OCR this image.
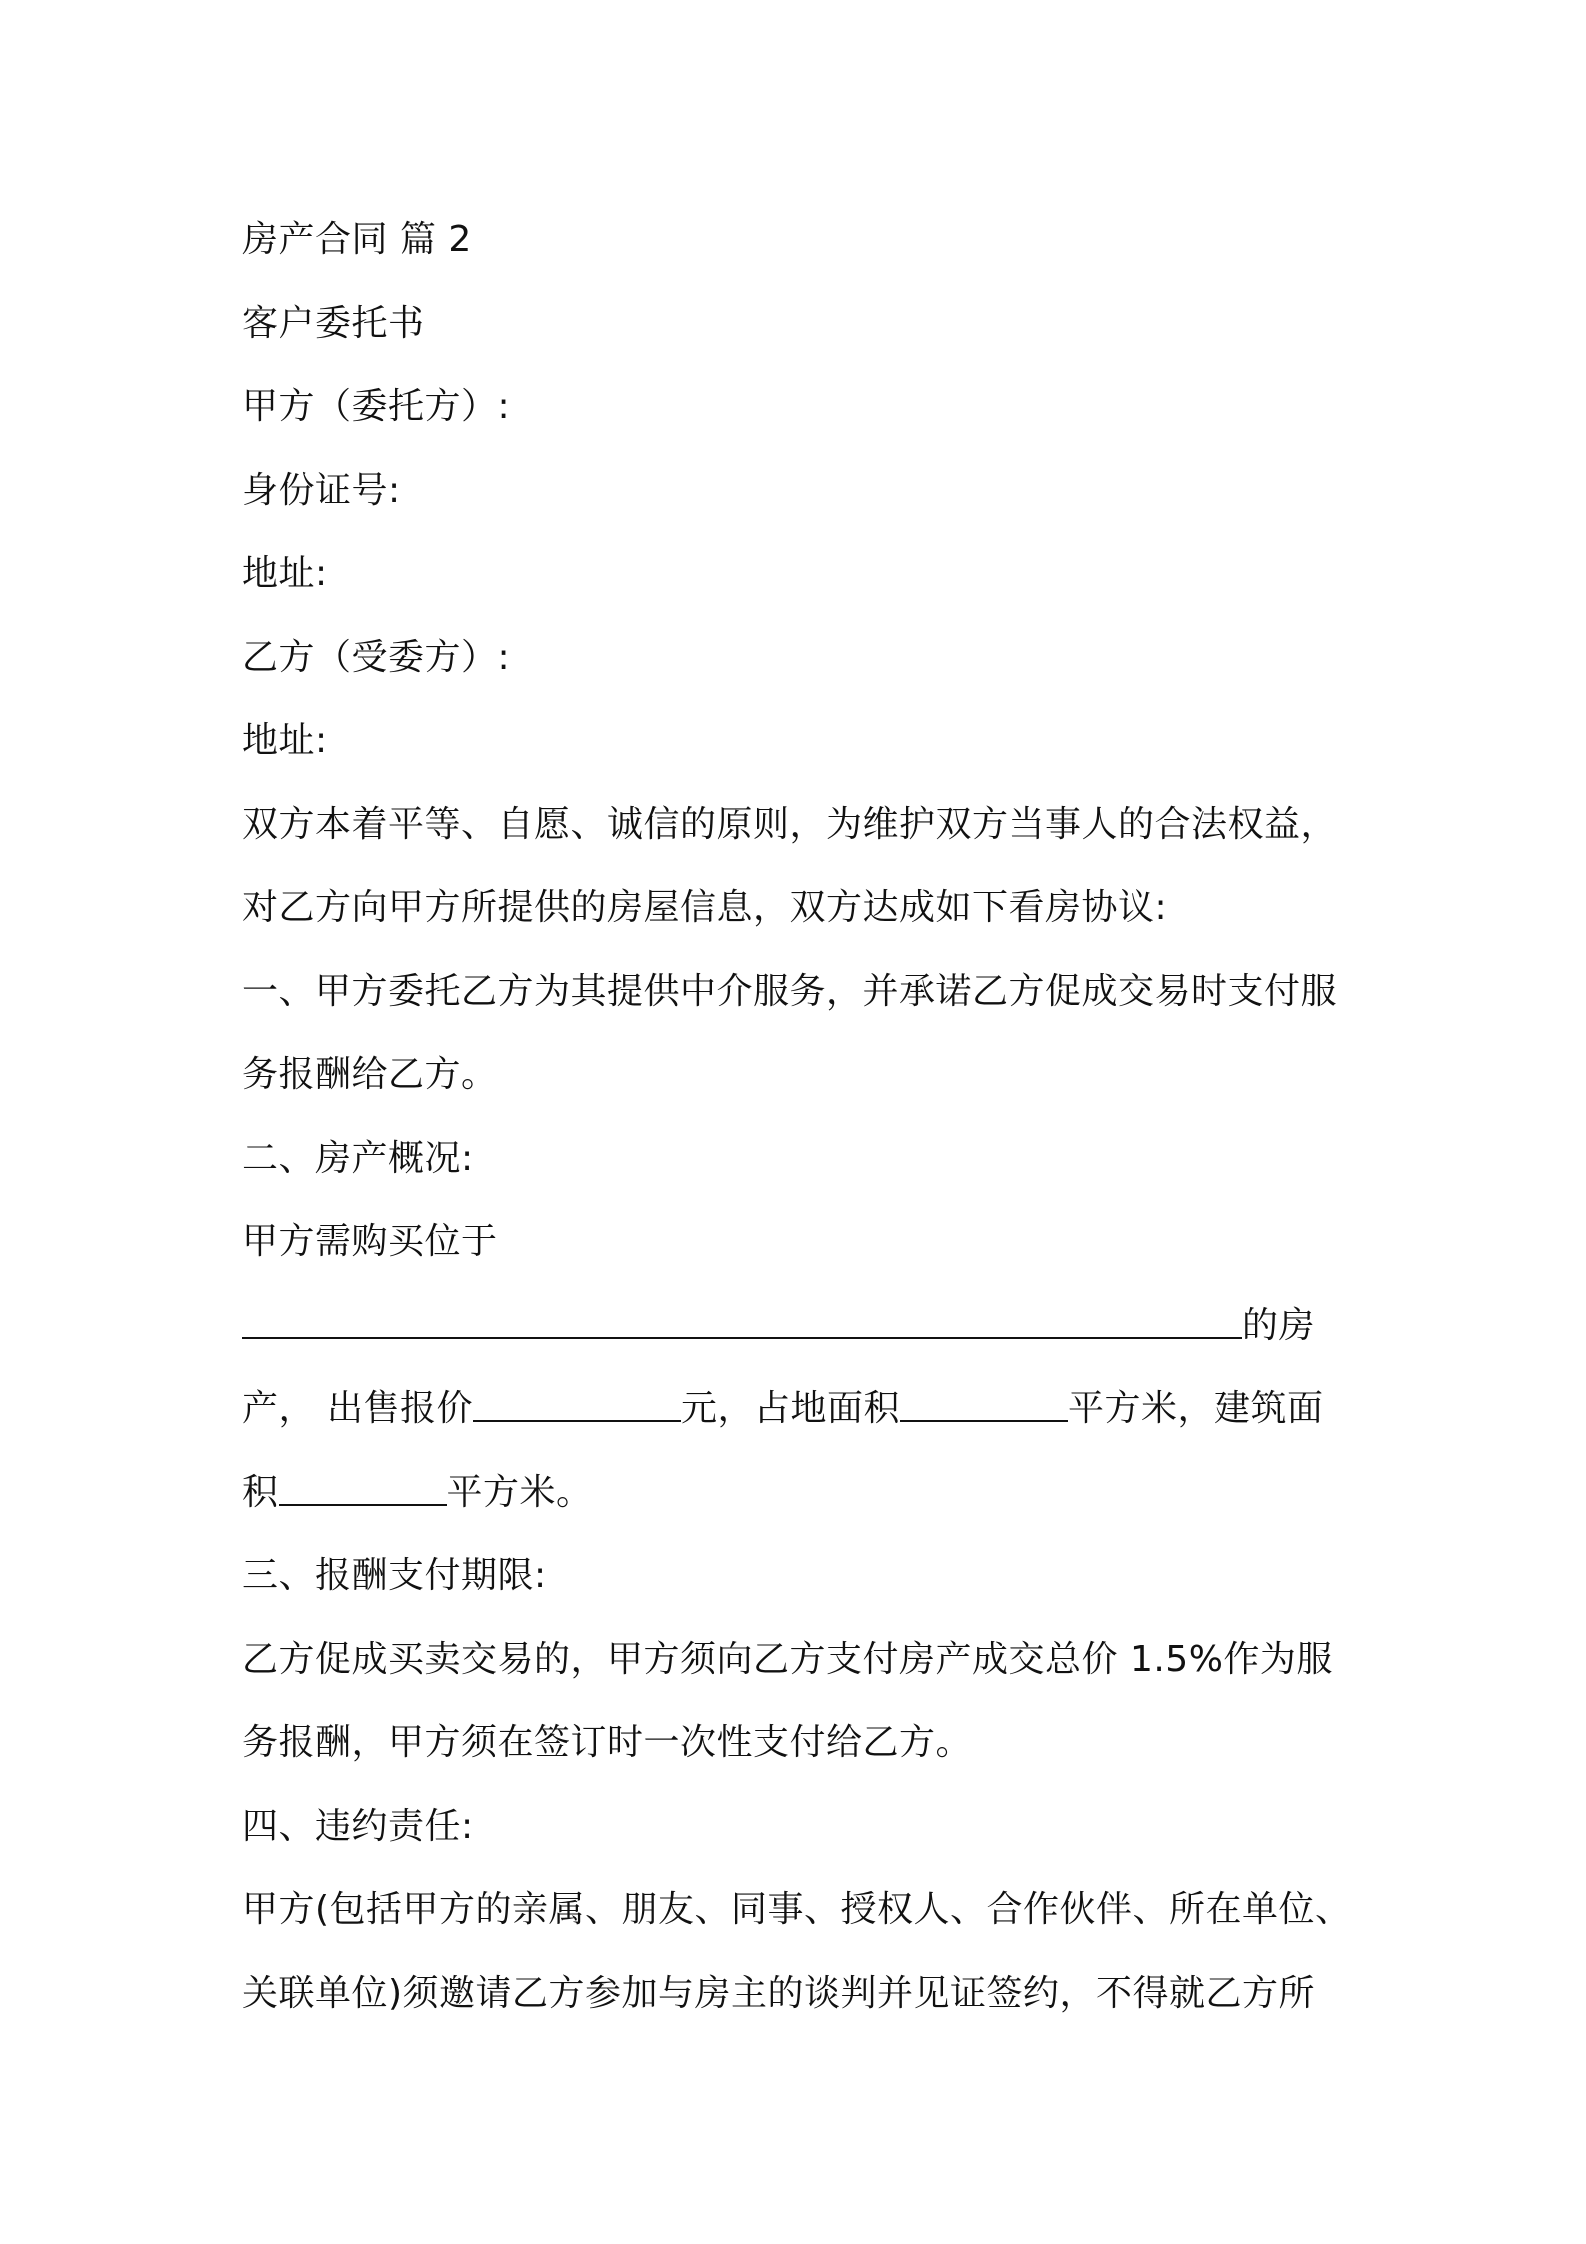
房产合同 篇 2
客户委托书
甲方（委托方）:
身份证号:
地址:
乙方（受委方）:
地址:
双方本着平等、自愿、诚信的原则，为维护双方当事人的合法权益，
对乙方向甲方所提供的房屋信息，双方达成如下看房协议:
一、甲方委托乙方为其提供中介服务，并承诺乙方促成交易时支付服
务报酬给乙方。
二、房产概况:
甲方需购买位于
的房
产， 出售报价	元，占地面积	平方米，建筑面
积	平方米。
三、报酬支付期限:
乙方促成买卖交易的，甲方须向乙方支付房产成交总价 1.5%作为服
务报酬，甲方须在签订时一次性支付给乙方。
四、违约责任:
甲方(包括甲方的亲属、朋友、同事、授权人、合作伙伴、所在单位、
关联单位)须邀请乙方参加与房主的谈判并见证签约，不得就乙方所
